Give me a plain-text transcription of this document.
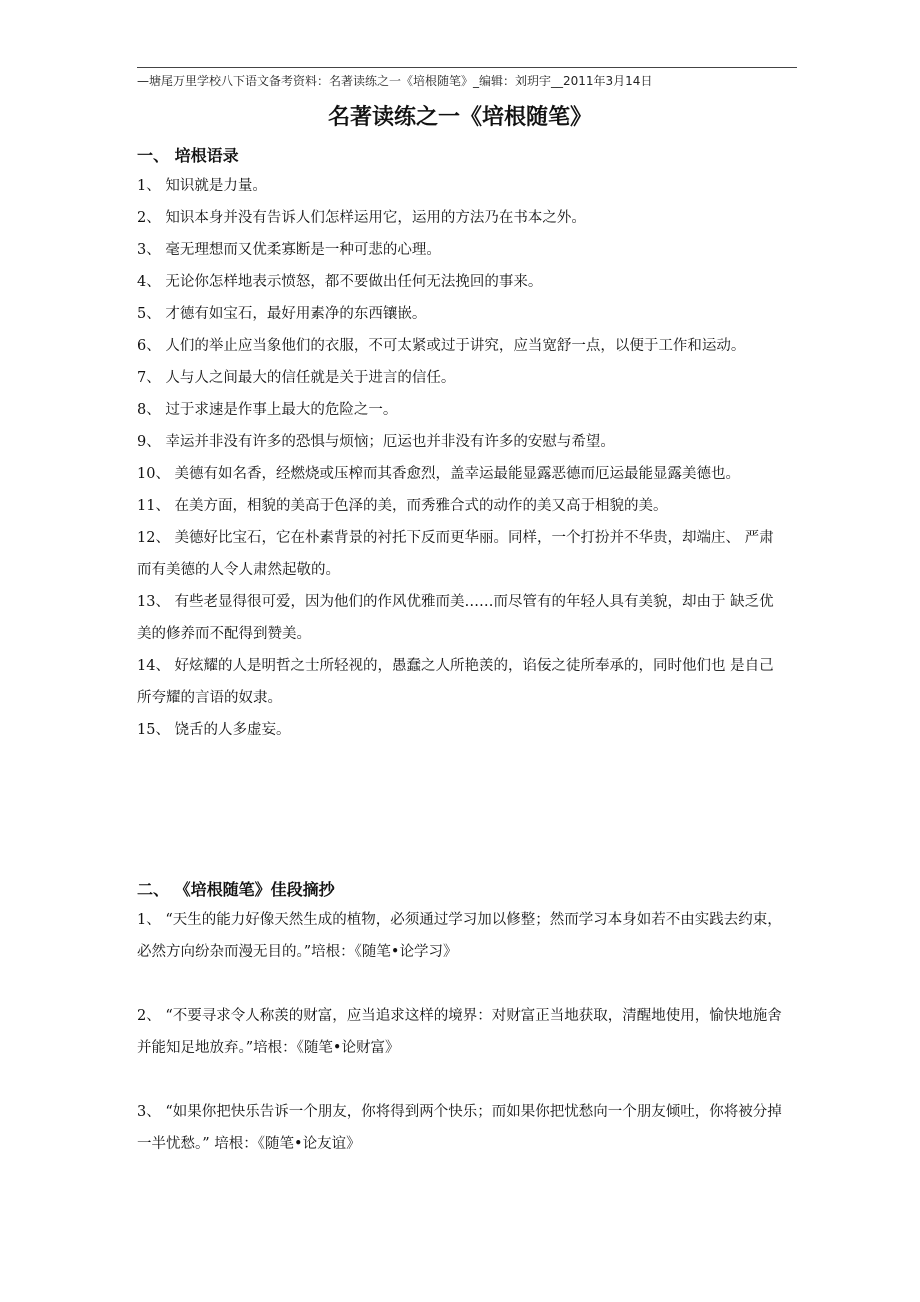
—塘尾万里学校八下语文备考资料：名著读练之一《培根随笔》_编辑：刘玥宇__2011年3月14日
名著读练之一《培根随笔》
一、 培根语录
1、 知识就是力量。
2、 知识本身并没有告诉人们怎样运用它，运用的方法乃在书本之外。
3、 毫无理想而又优柔寡断是一种可悲的心理。
4、 无论你怎样地表示愤怒，都不要做出任何无法挽回的事来。
5、 才德有如宝石，最好用素净的东西镶嵌。
6、 人们的举止应当象他们的衣服，不可太紧或过于讲究，应当宽舒一点，以便于工作和运动。
7、 人与人之间最大的信任就是关于进言的信任。
8、 过于求速是作事上最大的危险之一。
9、 幸运并非没有许多的恐惧与烦恼；厄运也并非没有许多的安慰与希望。
10、 美德有如名香，经燃烧或压榨而其香愈烈，盖幸运最能显露恶德而厄运最能显露美德也。
11、 在美方面，相貌的美高于色泽的美，而秀雅合式的动作的美又高于相貌的美。
12、 美德好比宝石，它在朴素背景的衬托下反而更华丽。同样，一个打扮并不华贵，却端庄、 严肃而有美德的人令人肃然起敬的。
13、 有些老显得很可爱，因为他们的作风优雅而美……而尽管有的年轻人具有美貌，却由于 缺乏优美的修养而不配得到赞美。
14、 好炫耀的人是明哲之士所轻视的，愚蠢之人所艳羡的，谄佞之徒所奉承的，同时他们也 是自己所夸耀的言语的奴隶。
15、 饶舌的人多虚妄。
二、 《培根随笔》佳段摘抄
1、 “天生的能力好像天然生成的植物，必须通过学习加以修整；然而学习本身如若不由实践去约束，必然方向纷杂而漫无目的。”培根：《随笔•论学习》
2、 “不要寻求令人称羡的财富，应当追求这样的境界：对财富正当地获取，清醒地使用，愉快地施舍并能知足地放弃。”培根：《随笔•论财富》
3、 “如果你把快乐告诉一个朋友，你将得到两个快乐；而如果你把忧愁向一个朋友倾吐，你将被分掉一半忧愁。” 培根：《随笔•论友谊》
